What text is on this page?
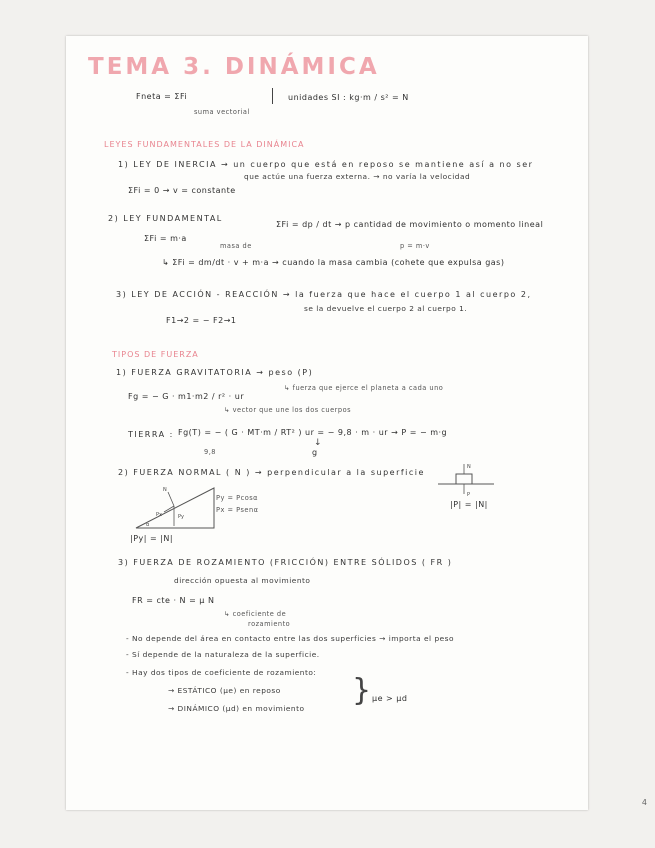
TEMA 3. DINÁMICA
Fneta = ΣFi
suma vectorial
unidades SI : kg·m / s² = N
LEYES FUNDAMENTALES DE LA DINÁMICA
1) LEY DE INERCIA → un cuerpo que está en reposo se mantiene así a no ser
que actúe una fuerza externa. → no varía la velocidad
ΣFi = 0 → v = constante
2) LEY FUNDAMENTAL
ΣFi = m·a
masa de
ΣFi = dp / dt → p cantidad de movimiento o momento lineal
p = m·v
↳ ΣFi = dm/dt · v + m·a → cuando la masa cambia (cohete que expulsa gas)
3) LEY DE ACCIÓN - REACCIÓN → la fuerza que hace el cuerpo 1 al cuerpo 2,
se la devuelve el cuerpo 2 al cuerpo 1.
F1→2 = − F2→1
TIPOS DE FUERZA
1) FUERZA GRAVITATORIA → peso (P)
↳ fuerza que ejerce el planeta a cada uno
Fg = − G · m1·m2 / r² · ur
↳ vector que une los dos cuerpos
TIERRA : Fg(T) = − ( G · MT·m / RT² ) ur = − 9,8 · m · ur → P = − m·g
9,8	g
↓
2) FUERZA NORMAL ( N ) → perpendicular a la superficie
N
Py
Px
α
Py = Pcosα
Px = Psenα
|Py| = |N|
N
P
|P| = |N|
3) FUERZA DE ROZAMIENTO (FRICCIÓN) ENTRE SÓLIDOS ( FR )
dirección opuesta al movimiento
FR = cte · N = μ N
↳ coeficiente de
rozamiento
- No depende del área en contacto entre las dos superficies → importa el peso
- Sí depende de la naturaleza de la superficie.
- Hay dos tipos de coeficiente de rozamiento:
→ ESTÁTICO (μe) en reposo
→ DINÁMICO (μd) en movimiento
} μe > μd
4
